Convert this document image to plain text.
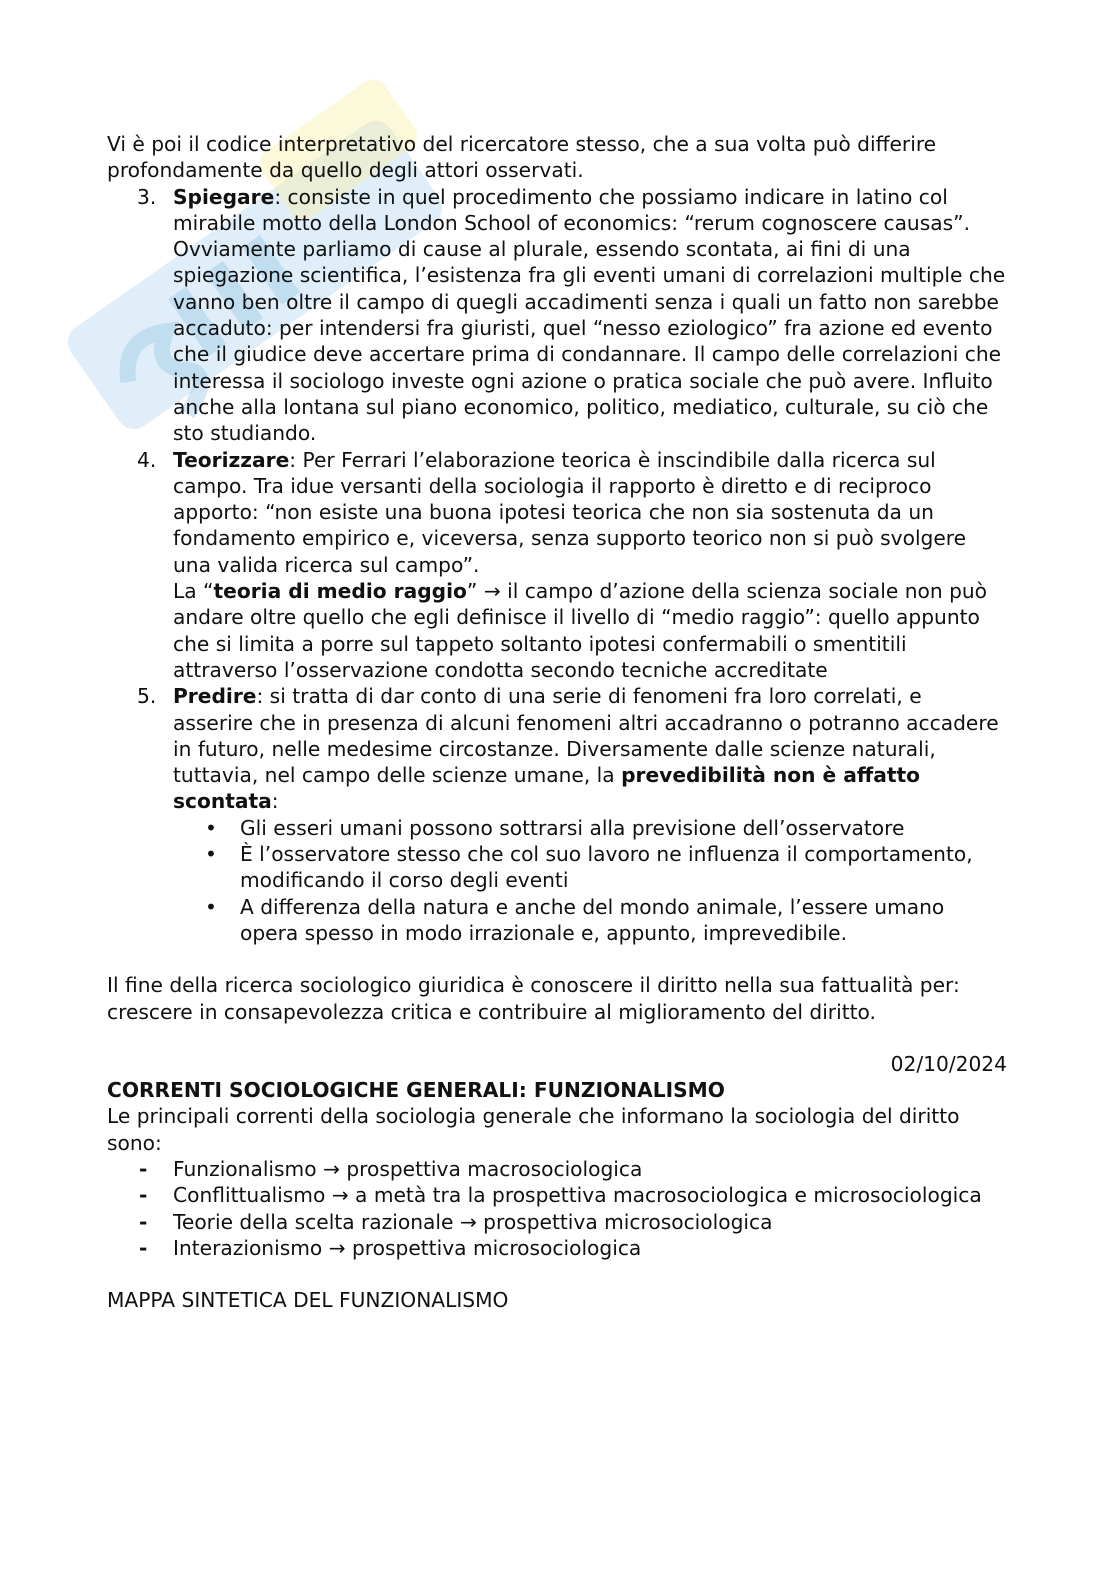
Vi è poi il codice interpretativo del ricercatore stesso, che a sua volta può differire profondamente da quello degli attori osservati.

3. Spiegare: consiste in quel procedimento che possiamo indicare in latino col mirabile motto della London School of economics: “rerum cognoscere causas”. Ovviamente parliamo di cause al plurale, essendo scontata, ai fini di una spiegazione scientifica, l’esistenza fra gli eventi umani di correlazioni multiple che vanno ben oltre il campo di quegli accadimenti senza i quali un fatto non sarebbe accaduto: per intendersi fra giuristi, quel “nesso eziologico” fra azione ed evento che il giudice deve accertare prima di condannare. Il campo delle correlazioni che interessa il sociologo investe ogni azione o pratica sociale che può avere. Influito anche alla lontana sul piano economico, politico, mediatico, culturale, su ciò che sto studiando.
4. Teorizzare: Per Ferrari l’elaborazione teorica è inscindibile dalla ricerca sul campo. Tra idue versanti della sociologia il rapporto è diretto e di reciproco apporto: “non esiste una buona ipotesi teorica che non sia sostenuta da un fondamento empirico e, viceversa, senza supporto teorico non si può svolgere una valida ricerca sul campo”.
La “teoria di medio raggio” → il campo d’azione della scienza sociale non può andare oltre quello che egli definisce il livello di “medio raggio”: quello appunto che si limita a porre sul tappeto soltanto ipotesi confermabili o smentitili attraverso l’osservazione condotta secondo tecniche accreditate
5. Predire: si tratta di dar conto di una serie di fenomeni fra loro correlati, e asserire che in presenza di alcuni fenomeni altri accadranno o potranno accadere in futuro, nelle medesime circostanze. Diversamente dalle scienze naturali, tuttavia, nel campo delle scienze umane, la prevedibilità non è affatto scontata:
• Gli esseri umani possono sottrarsi alla previsione dell’osservatore
• È l’osservatore stesso che col suo lavoro ne influenza il comportamento, modificando il corso degli eventi
• A differenza della natura e anche del mondo animale, l’essere umano opera spesso in modo irrazionale e, appunto, imprevedibile.

Il fine della ricerca sociologico giuridica è conoscere il diritto nella sua fattualità per: crescere in consapevolezza critica e contribuire al miglioramento del diritto.

02/10/2024

CORRENTI SOCIOLOGICHE GENERALI: FUNZIONALISMO

Le principali correnti della sociologia generale che informano la sociologia del diritto sono:

- Funzionalismo → prospettiva macrosociologica
- Conflittualismo → a metà tra la prospettiva macrosociologica e microsociologica
- Teorie della scelta razionale → prospettiva microsociologica
- Interazionismo → prospettiva microsociologica

MAPPA SINTETICA DEL FUNZIONALISMO
